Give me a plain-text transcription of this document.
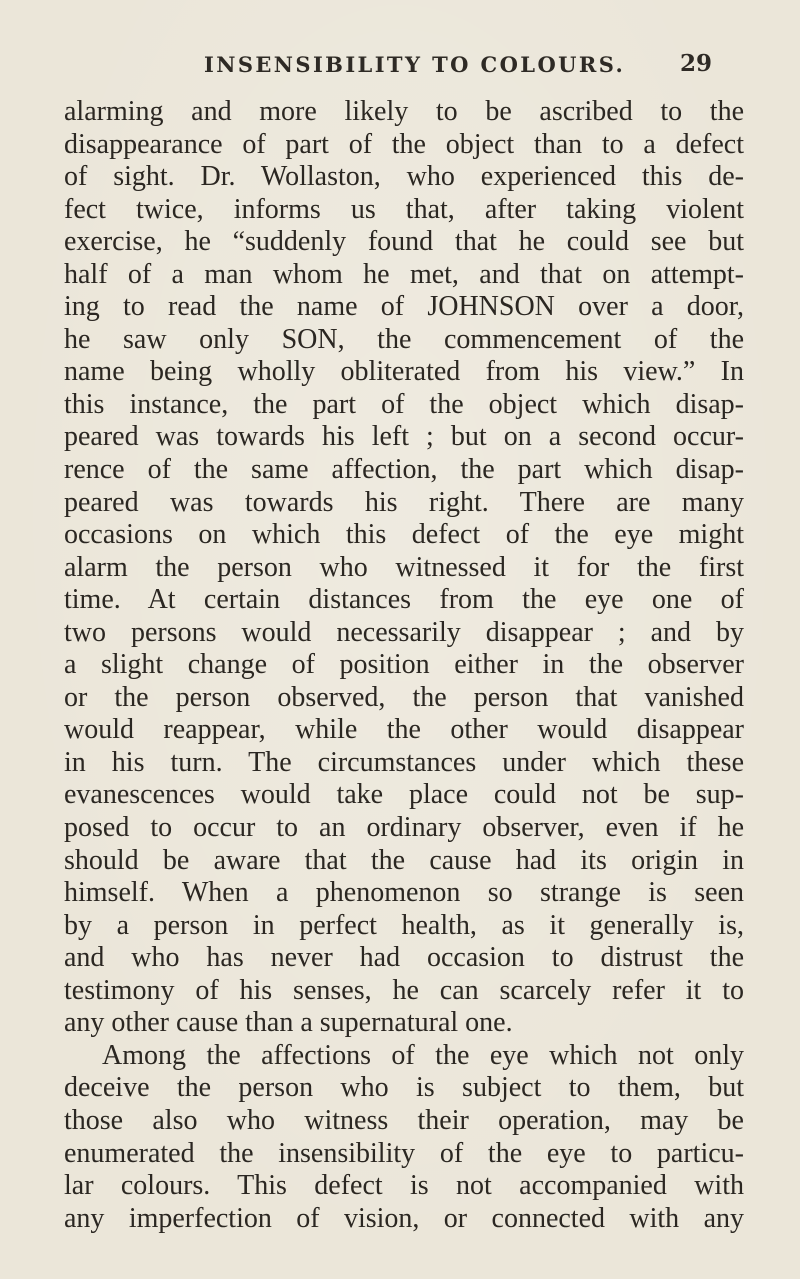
INSENSIBILITY TO COLOURS. 29
alarming and more likely to be ascribed to the
disappearance of part of the object than to a defect
of sight. Dr. Wollaston, who experienced this de-
fect twice, informs us that, after taking violent
exercise, he “suddenly found that he could see but
half of a man whom he met, and that on attempt-
ing to read the name of JOHNSON over a door,
he saw only SON, the commencement of the
name being wholly obliterated from his view.” In
this instance, the part of the object which disap-
peared was towards his left ; but on a second occur-
rence of the same affection, the part which disap-
peared was towards his right. There are many
occasions on which this defect of the eye might
alarm the person who witnessed it for the first
time. At certain distances from the eye one of
two persons would necessarily disappear ; and by
a slight change of position either in the observer
or the person observed, the person that vanished
would reappear, while the other would disappear
in his turn. The circumstances under which these
evanescences would take place could not be sup-
posed to occur to an ordinary observer, even if he
should be aware that the cause had its origin in
himself. When a phenomenon so strange is seen
by a person in perfect health, as it generally is,
and who has never had occasion to distrust the
testimony of his senses, he can scarcely refer it to
any other cause than a supernatural one.
Among the affections of the eye which not only
deceive the person who is subject to them, but
those also who witness their operation, may be
enumerated the insensibility of the eye to particu-
lar colours. This defect is not accompanied with
any imperfection of vision, or connected with any
